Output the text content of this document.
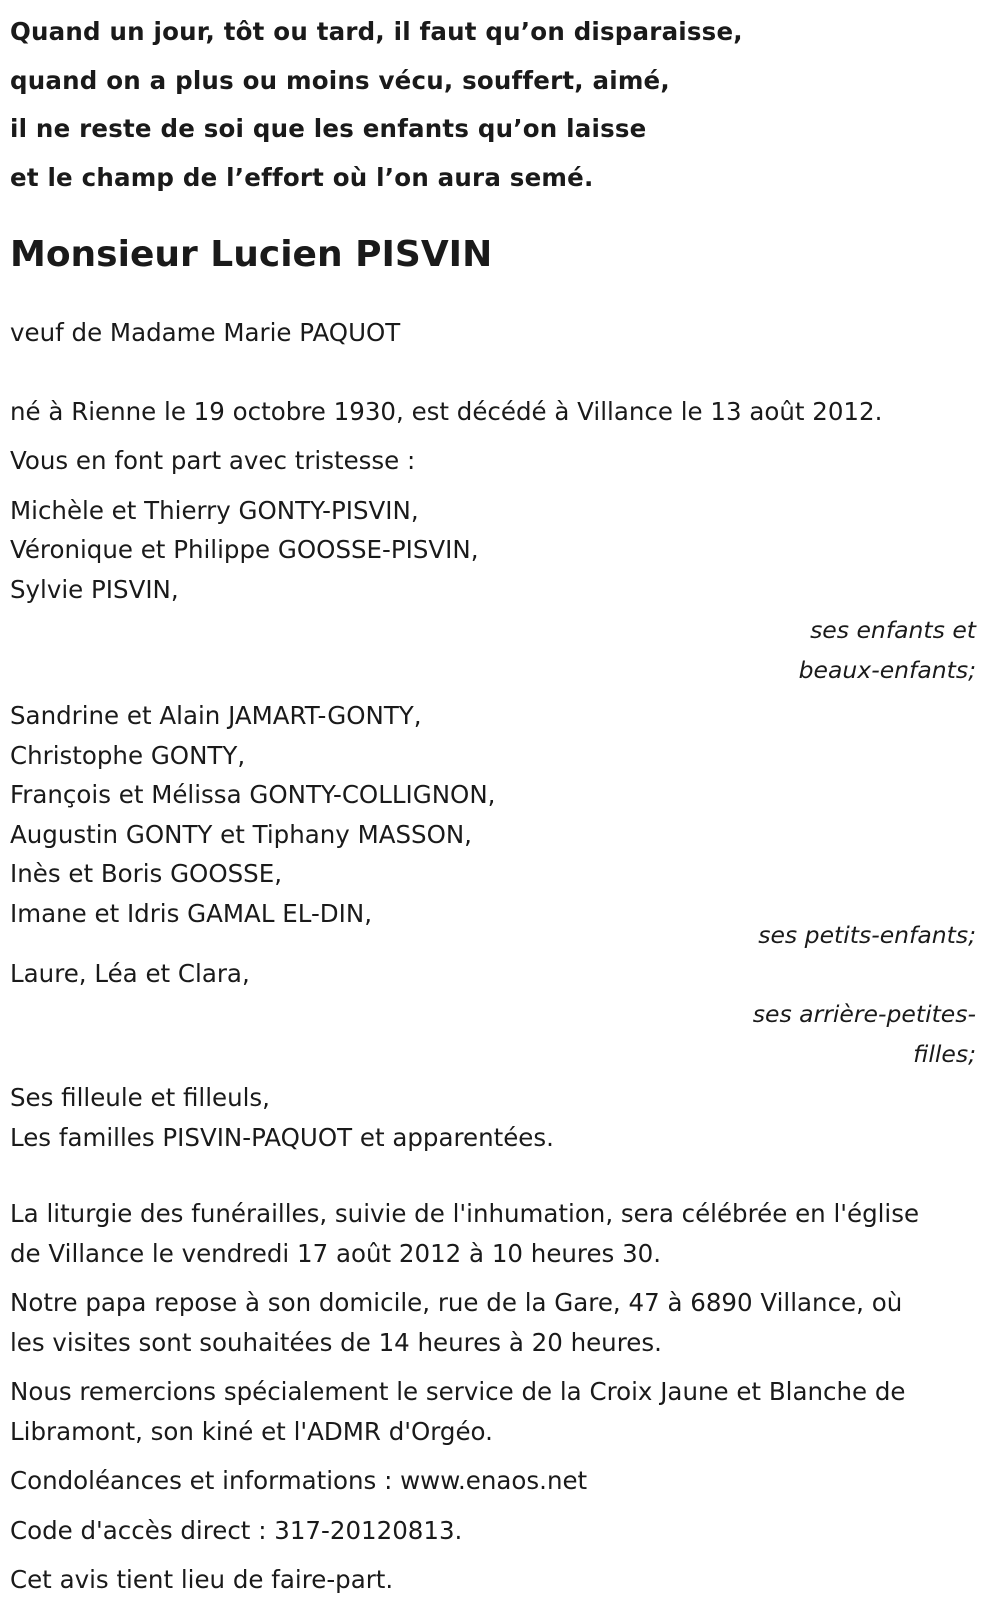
Quand un jour, tôt ou tard, il faut qu’on disparaisse,
quand on a plus ou moins vécu, souffert, aimé,
il ne reste de soi que les enfants qu’on laisse
et le champ de l’effort où l’on aura semé.
Monsieur Lucien PISVIN
veuf de Madame Marie PAQUOT
né à Rienne le 19 octobre 1930, est décédé à Villance le 13 août 2012.
Vous en font part avec tristesse :
Michèle et Thierry GONTY-PISVIN,
Véronique et Philippe GOOSSE-PISVIN,
Sylvie PISVIN,
ses enfants et
beaux-enfants;
Sandrine et Alain JAMART-GONTY,
Christophe GONTY,
François et Mélissa GONTY-COLLIGNON,
Augustin GONTY et Tiphany MASSON,
Inès et Boris GOOSSE,
Imane et Idris GAMAL EL-DIN,
ses petits-enfants;
Laure, Léa et Clara,
ses arrière-petites-
filles;
Ses filleule et filleuls,
Les familles PISVIN-PAQUOT et apparentées.
La liturgie des funérailles, suivie de l'inhumation, sera célébrée en l'église
de Villance le vendredi 17 août 2012 à 10 heures 30.
Notre papa repose à son domicile, rue de la Gare, 47 à 6890 Villance, où
les visites sont souhaitées de 14 heures à 20 heures.
Nous remercions spécialement le service de la Croix Jaune et Blanche de
Libramont, son kiné et l'ADMR d'Orgéo.
Condoléances et informations : www.enaos.net
Code d'accès direct : 317-20120813.
Cet avis tient lieu de faire-part.
